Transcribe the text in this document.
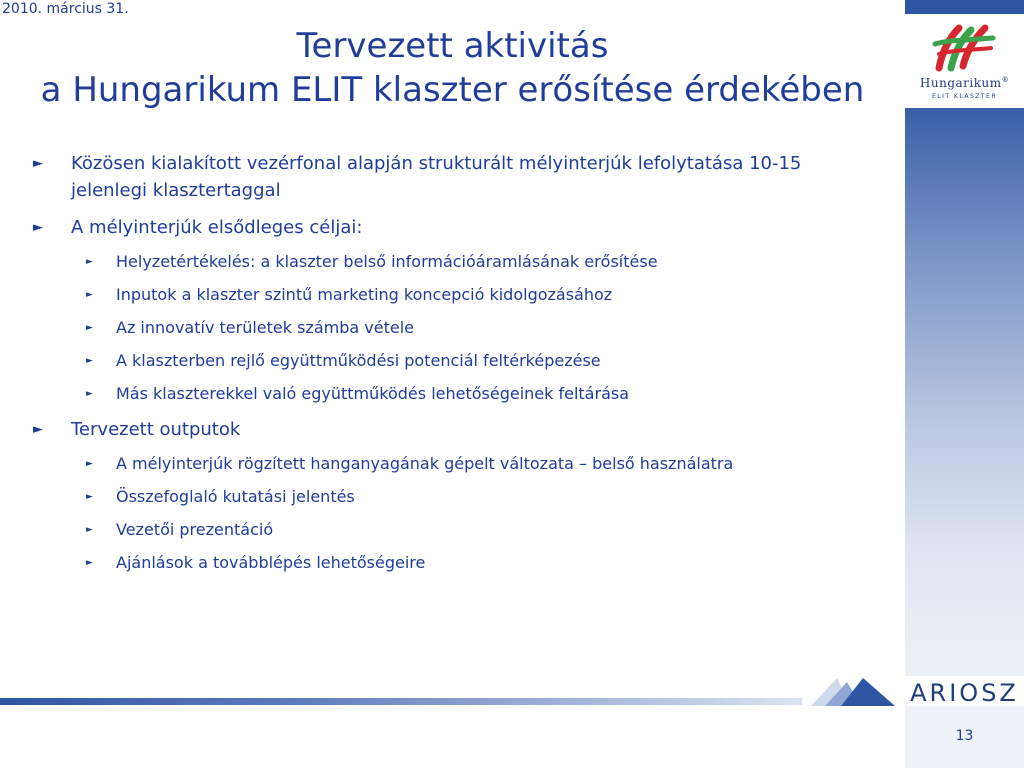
2010. március 31.
Hungarikum®
ELIT KLASZTER
Tervezett aktivitás
a Hungarikum ELIT klaszter erősítése érdekében
►	Közösen kialakított vezérfonal alapján strukturált mélyinterjúk lefolytatása 10-15 jelenlegi klasztertaggal
►	A mélyinterjúk elsődleges céljai:
►	Helyzetértékelés: a klaszter belső információáramlásának erősítése
►	Inputok a klaszter szintű marketing koncepció kidolgozásához
►	Az innovatív területek számba vétele
►	A klaszterben rejlő együttműködési potenciál feltérképezése
►	Más klaszterekkel való együttműködés lehetőségeinek feltárása
►	Tervezett outputok
►	A mélyinterjúk rögzített hanganyagának gépelt változata – belső használatra
►	Összefoglaló kutatási jelentés
►	Vezetői prezentáció
►	Ajánlások a továbblépés lehetőségeire
ARIOSZ
13
